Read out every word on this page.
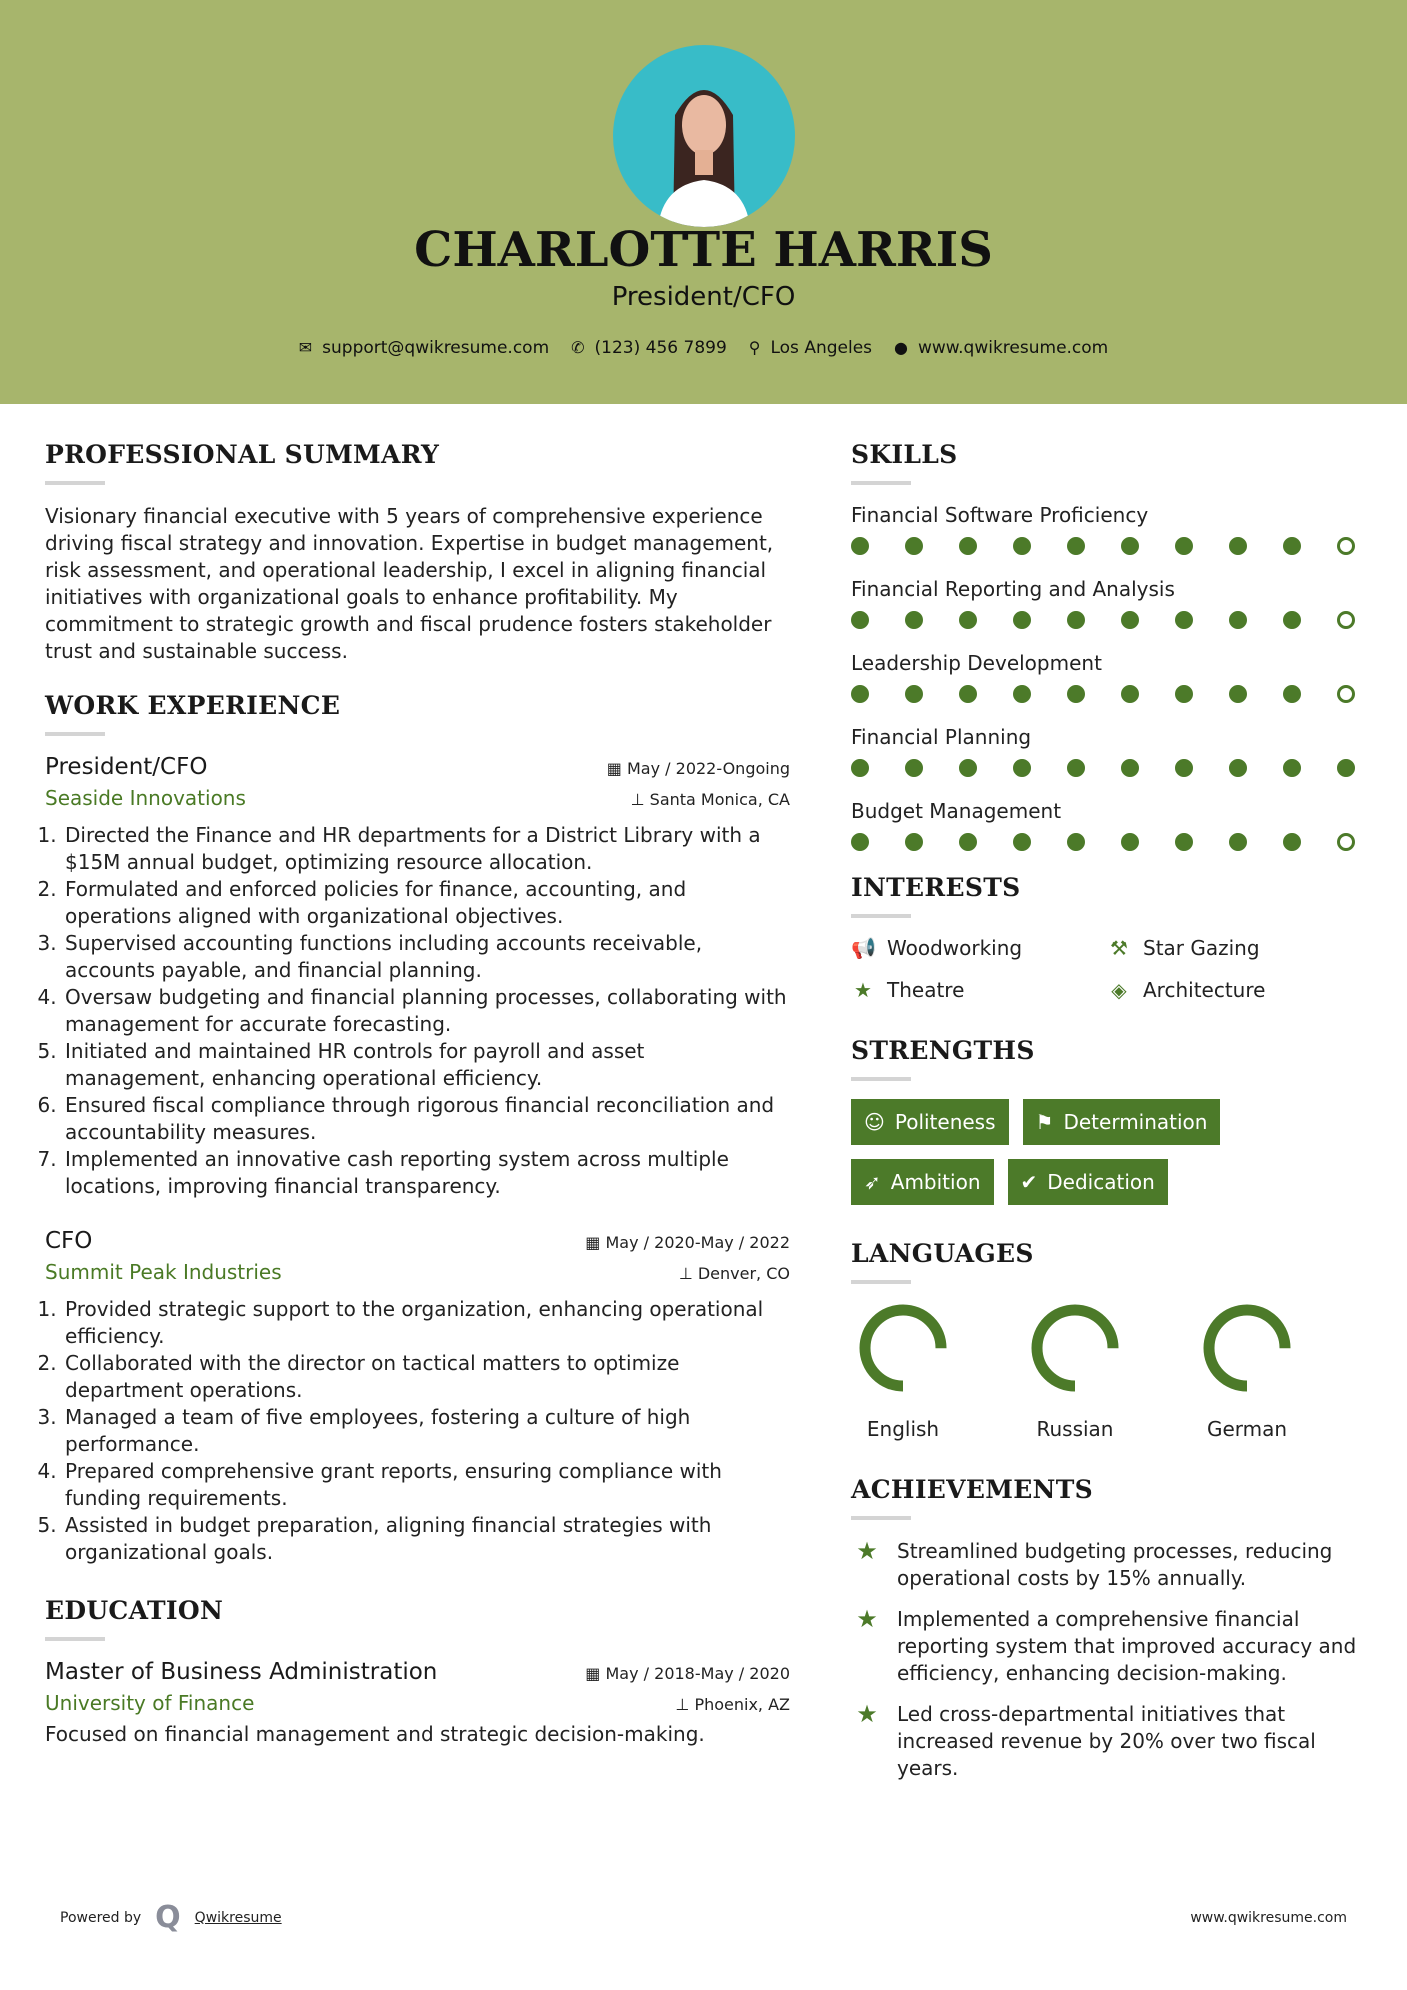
CHARLOTTE HARRIS
President/CFO
✉ support@qwikresume.com ✆ (123) 456 7899 ⚲ Los Angeles ● www.qwikresume.com
PROFESSIONAL SUMMARY

Visionary financial executive with 5 years of comprehensive experience driving fiscal strategy and innovation. Expertise in budget management, risk assessment, and operational leadership, I excel in aligning financial initiatives with organizational goals to enhance profitability. My commitment to strategic growth and fiscal prudence fosters stakeholder trust and sustainable success.

WORK EXPERIENCE
President/CFO	▦ May / 2022-Ongoing
Seaside Innovations	⊥ Santa Monica, CA
1. Directed the Finance and HR departments for a District Library with a $15M annual budget, optimizing resource allocation.
2. Formulated and enforced policies for finance, accounting, and operations aligned with organizational objectives.
3. Supervised accounting functions including accounts receivable, accounts payable, and financial planning.
4. Oversaw budgeting and financial planning processes, collaborating with management for accurate forecasting.
5. Initiated and maintained HR controls for payroll and asset management, enhancing operational efficiency.
6. Ensured fiscal compliance through rigorous financial reconciliation and accountability measures.
7. Implemented an innovative cash reporting system across multiple locations, improving financial transparency.
CFO	▦ May / 2020-May / 2022
Summit Peak Industries	⊥ Denver, CO
1. Provided strategic support to the organization, enhancing operational efficiency.
2. Collaborated with the director on tactical matters to optimize department operations.
3. Managed a team of five employees, fostering a culture of high performance.
4. Prepared comprehensive grant reports, ensuring compliance with funding requirements.
5. Assisted in budget preparation, aligning financial strategies with organizational goals.
EDUCATION
Master of Business Administration	▦ May / 2018-May / 2020
University of Finance	⊥ Phoenix, AZ

Focused on financial management and strategic decision-making.

SKILLS
Financial Software Proficiency
Financial Reporting and Analysis
Leadership Development
Financial Planning
Budget Management
INTERESTS
📢 Woodworking	⚒ Star Gazing
★ Theatre	◈ Architecture
STRENGTHS
☺ Politeness ⚑ Determination
➶ Ambition ✔ Dedication
LANGUAGES
English	Russian	German
ACHIEVEMENTS
★ Streamlined budgeting processes, reducing operational costs by 15% annually.
★ Implemented a comprehensive financial reporting system that improved accuracy and efficiency, enhancing decision-making.
★ Led cross-departmental initiatives that increased revenue by 20% over two fiscal years.
Powered by Q Qwikresume	www.qwikresume.com
